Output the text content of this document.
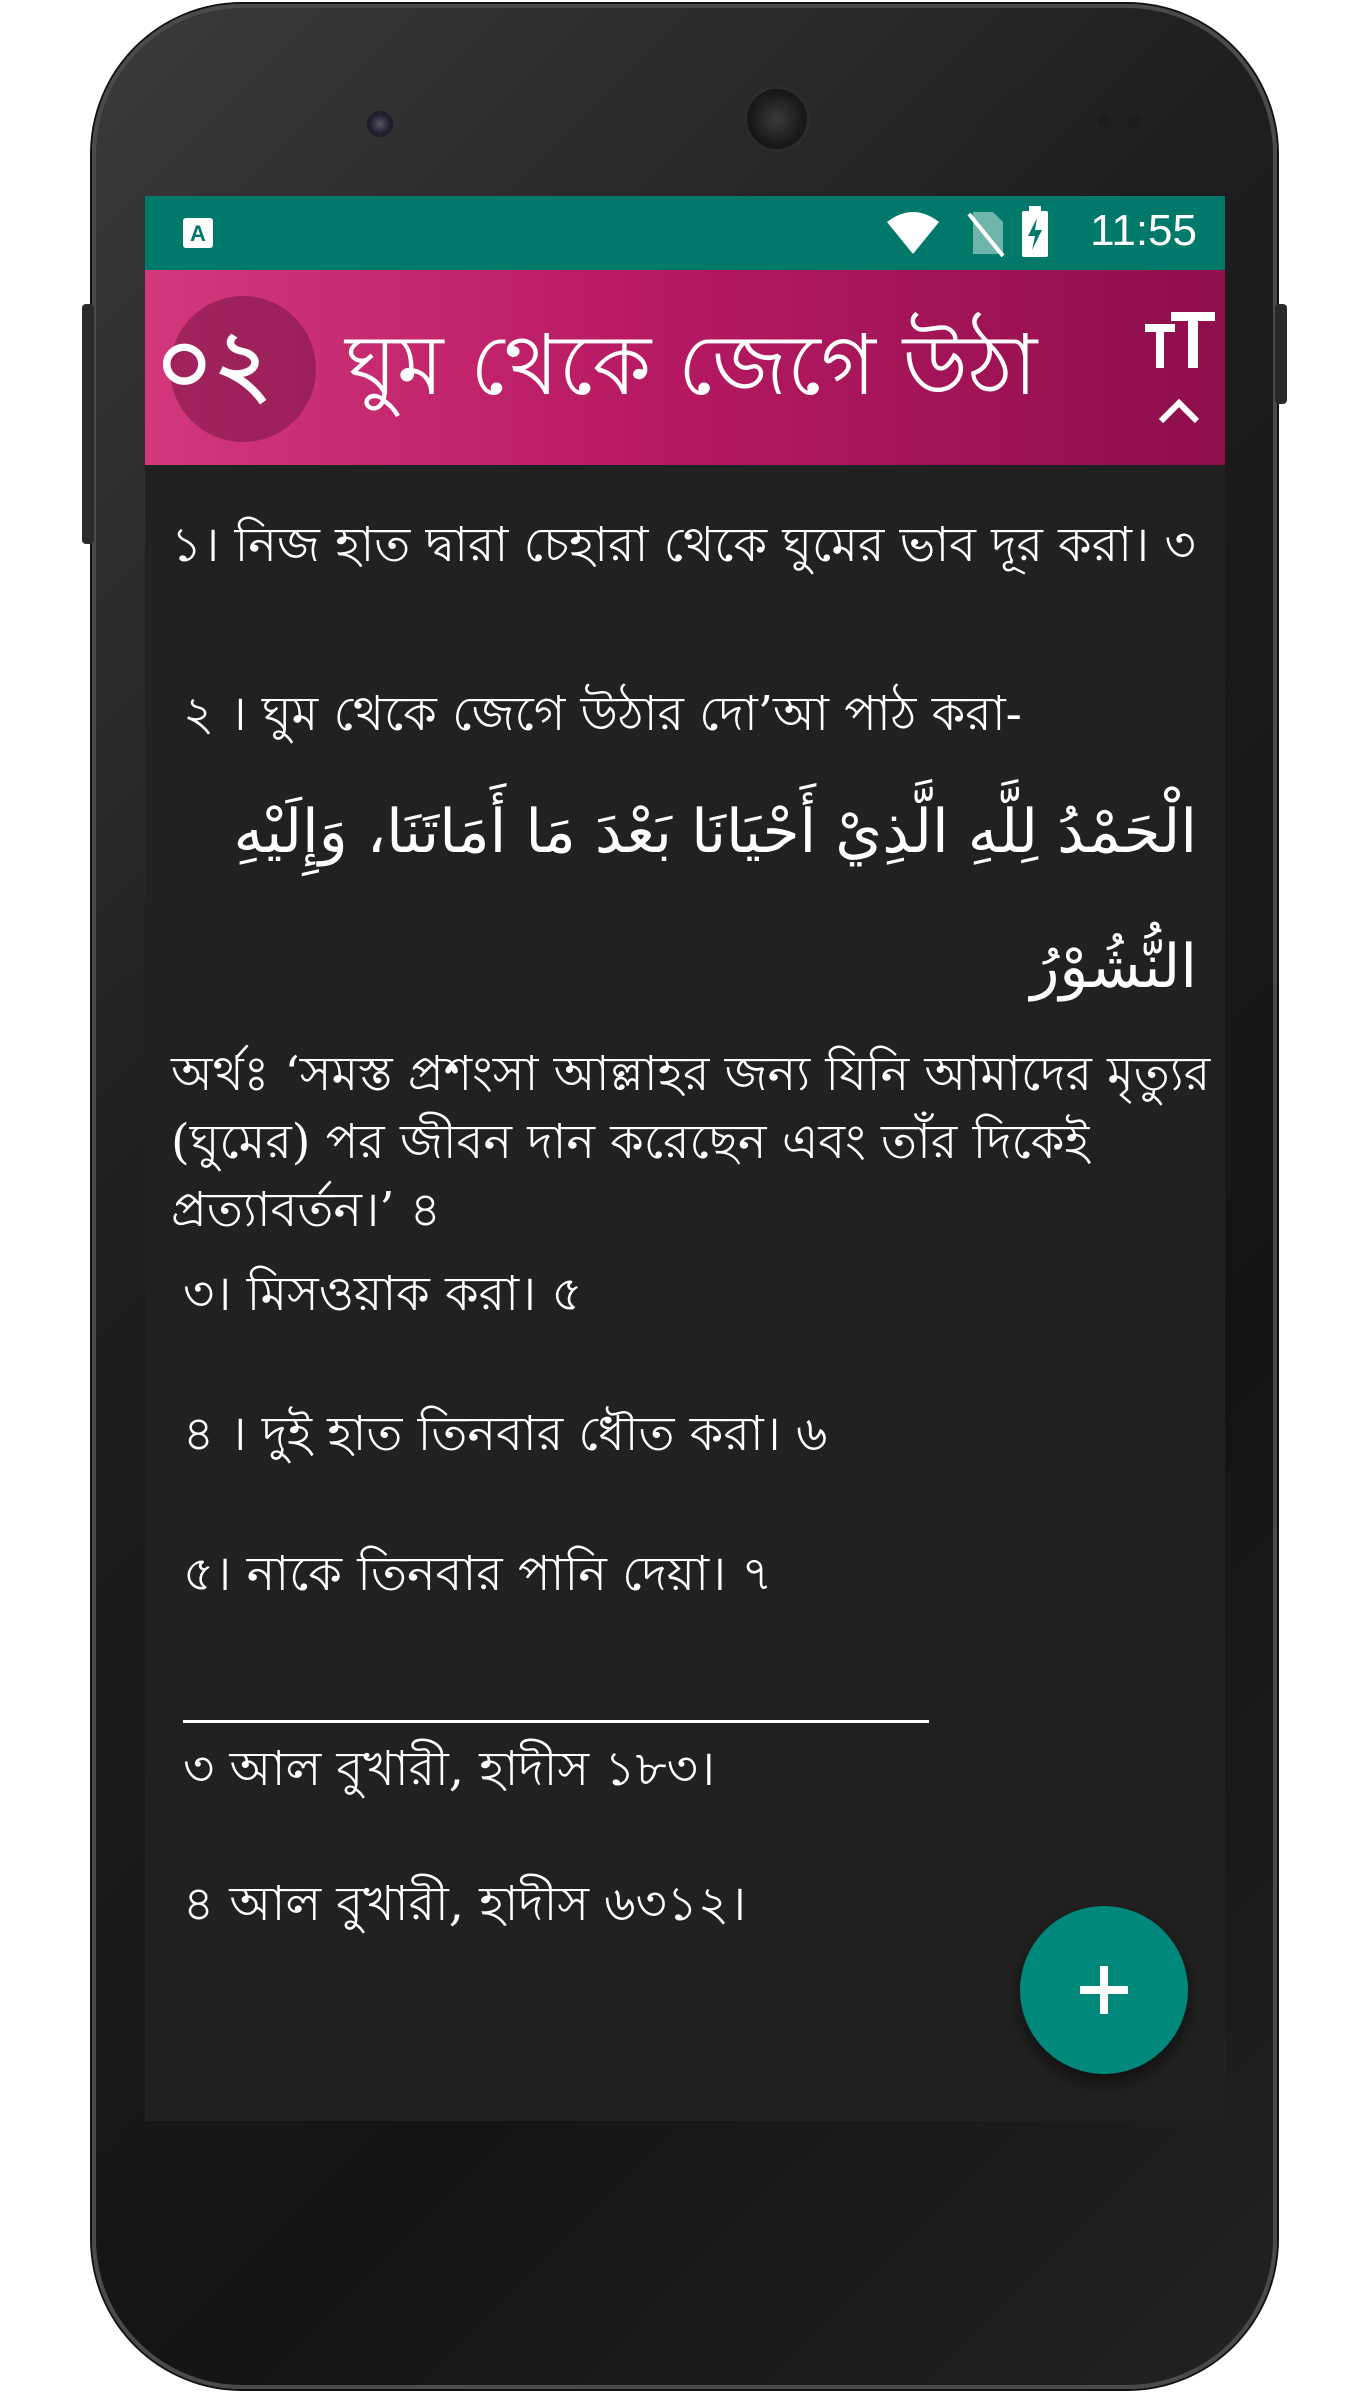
A	11:55
০২ ঘুম থেকে জেগে উঠা

১। নিজ হাত দ্বারা চেহারা থেকে ঘুমের ভাব দূর করা। ৩

২ । ঘুম থেকে জেগে উঠার দো’আ পাঠ করা-

الْحَمْدُ لِلَّهِ الَّذِيْ أَحْيَانَا بَعْدَ مَا أَمَاتَنَا، وَإِلَيْهِ النُّشُوْرُ

অর্থঃ ‘সমস্ত প্রশংসা আল্লাহর জন্য যিনি আমাদের মৃত্যুর (ঘুমের) পর জীবন দান করেছেন এবং তাঁর দিকেই প্রত্যাবর্তন।’ ৪

৩। মিসওয়াক করা। ৫

৪ । দুই হাত তিনবার ধৌত করা। ৬

৫। নাকে তিনবার পানি দেয়া। ৭

৩ আল বুখারী, হাদীস ১৮৩।

৪ আল বুখারী, হাদীস ৬৩১২।
